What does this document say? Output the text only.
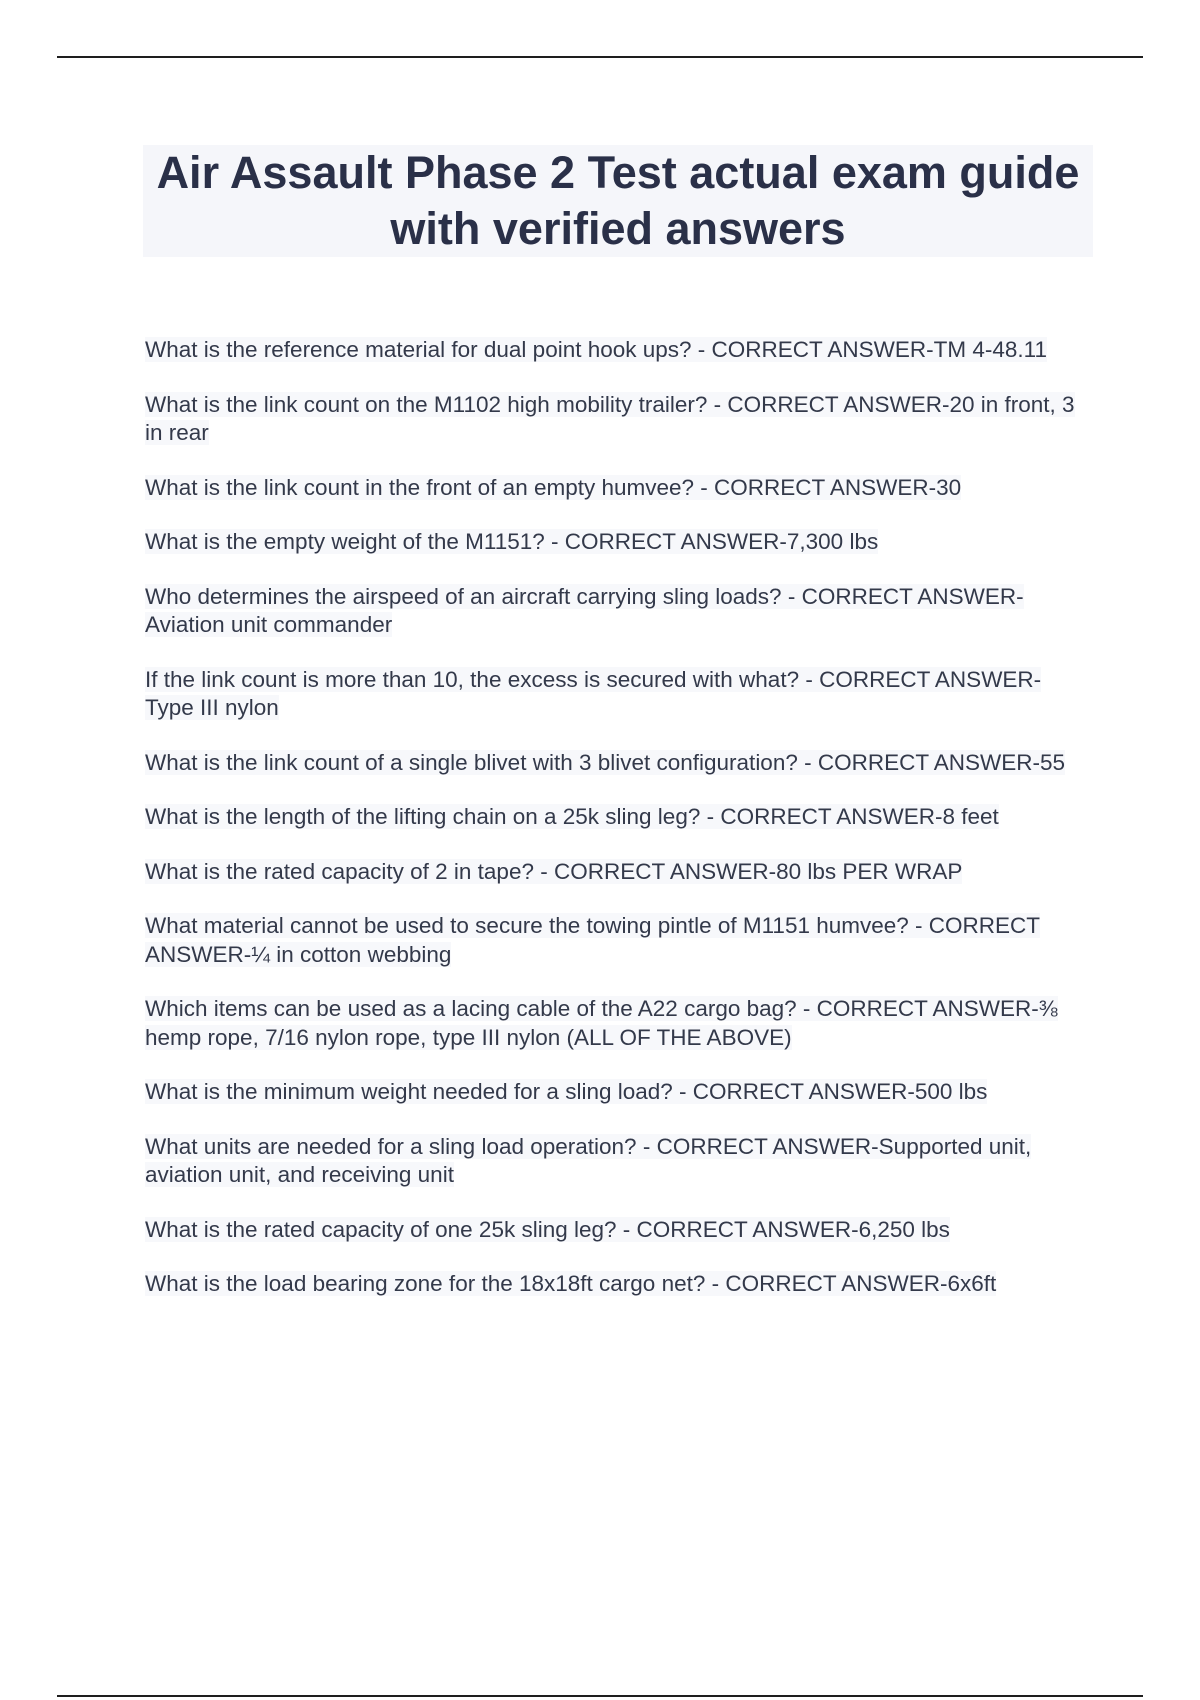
Air Assault Phase 2 Test actual exam guide with verified answers
What is the reference material for dual point hook ups? - CORRECT ANSWER-TM 4-48.11
What is the link count on the M1102 high mobility trailer? - CORRECT ANSWER-20 in front, 3 in rear
What is the link count in the front of an empty humvee? - CORRECT ANSWER-30
What is the empty weight of the M1151? - CORRECT ANSWER-7,300 lbs
Who determines the airspeed of an aircraft carrying sling loads? - CORRECT ANSWER-Aviation unit commander
If the link count is more than 10, the excess is secured with what? - CORRECT ANSWER-Type III nylon
What is the link count of a single blivet with 3 blivet configuration? - CORRECT ANSWER-55
What is the length of the lifting chain on a 25k sling leg? - CORRECT ANSWER-8 feet
What is the rated capacity of 2 in tape? - CORRECT ANSWER-80 lbs PER WRAP
What material cannot be used to secure the towing pintle of M1151 humvee? - CORRECT ANSWER-¼ in cotton webbing
Which items can be used as a lacing cable of the A22 cargo bag? - CORRECT ANSWER-⅜ hemp rope, 7/16 nylon rope, type III nylon (ALL OF THE ABOVE)
What is the minimum weight needed for a sling load? - CORRECT ANSWER-500 lbs
What units are needed for a sling load operation? - CORRECT ANSWER-Supported unit, aviation unit, and receiving unit
What is the rated capacity of one 25k sling leg? - CORRECT ANSWER-6,250 lbs
What is the load bearing zone for the 18x18ft cargo net? - CORRECT ANSWER-6x6ft
